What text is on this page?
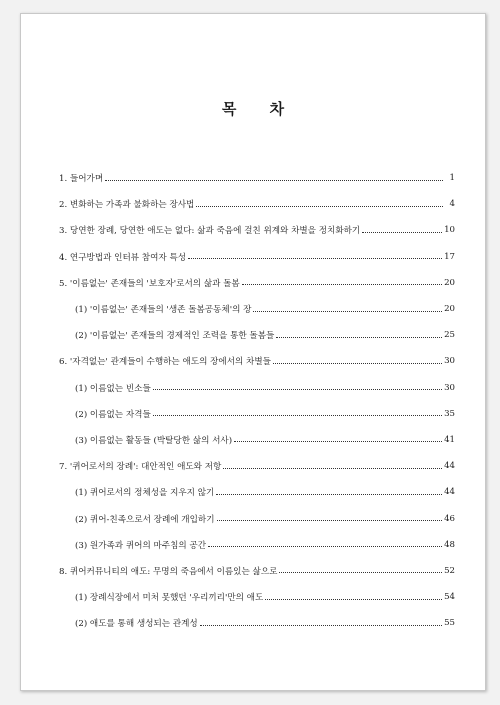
목 차
1. 들어가며	1
2. 변화하는 가족과 불화하는 장사법	4
3. 당연한 장례, 당연한 애도는 없다: 삶과 죽음에 걸친 위계와 차별을 정치화하기	10
4. 연구방법과 인터뷰 참여자 특성	17
5. '이름없는' 존재들의 '보호자'로서의 삶과 돌봄	20
(1) '이름없는' 존재들의 '생존 돌봄공동체'의 장	20
(2) '이름없는' 존재들의 경제적인 조력을 통한 돌봄들	25
6. '자격없는' 관계들이 수행하는 애도의 장에서의 차별들	30
(1) 이름없는 빈소들	30
(2) 이름없는 자격들	35
(3) 이름없는 활동들 (박탈당한 삶의 서사)	41
7. '퀴어로서의 장례': 대안적인 애도와 저항	44
(1) 퀴어로서의 정체성을 지우지 않기	44
(2) 퀴어-친족으로서 장례에 개입하기	46
(3) 원가족과 퀴어의 마주침의 공간	48
8. 퀴어커뮤니티의 애도: 무명의 죽음에서 이름있는 삶으로	52
(1) 장례식장에서 미처 못했던 '우리끼리'만의 애도	54
(2) 애도를 통해 생성되는 관계성	55
